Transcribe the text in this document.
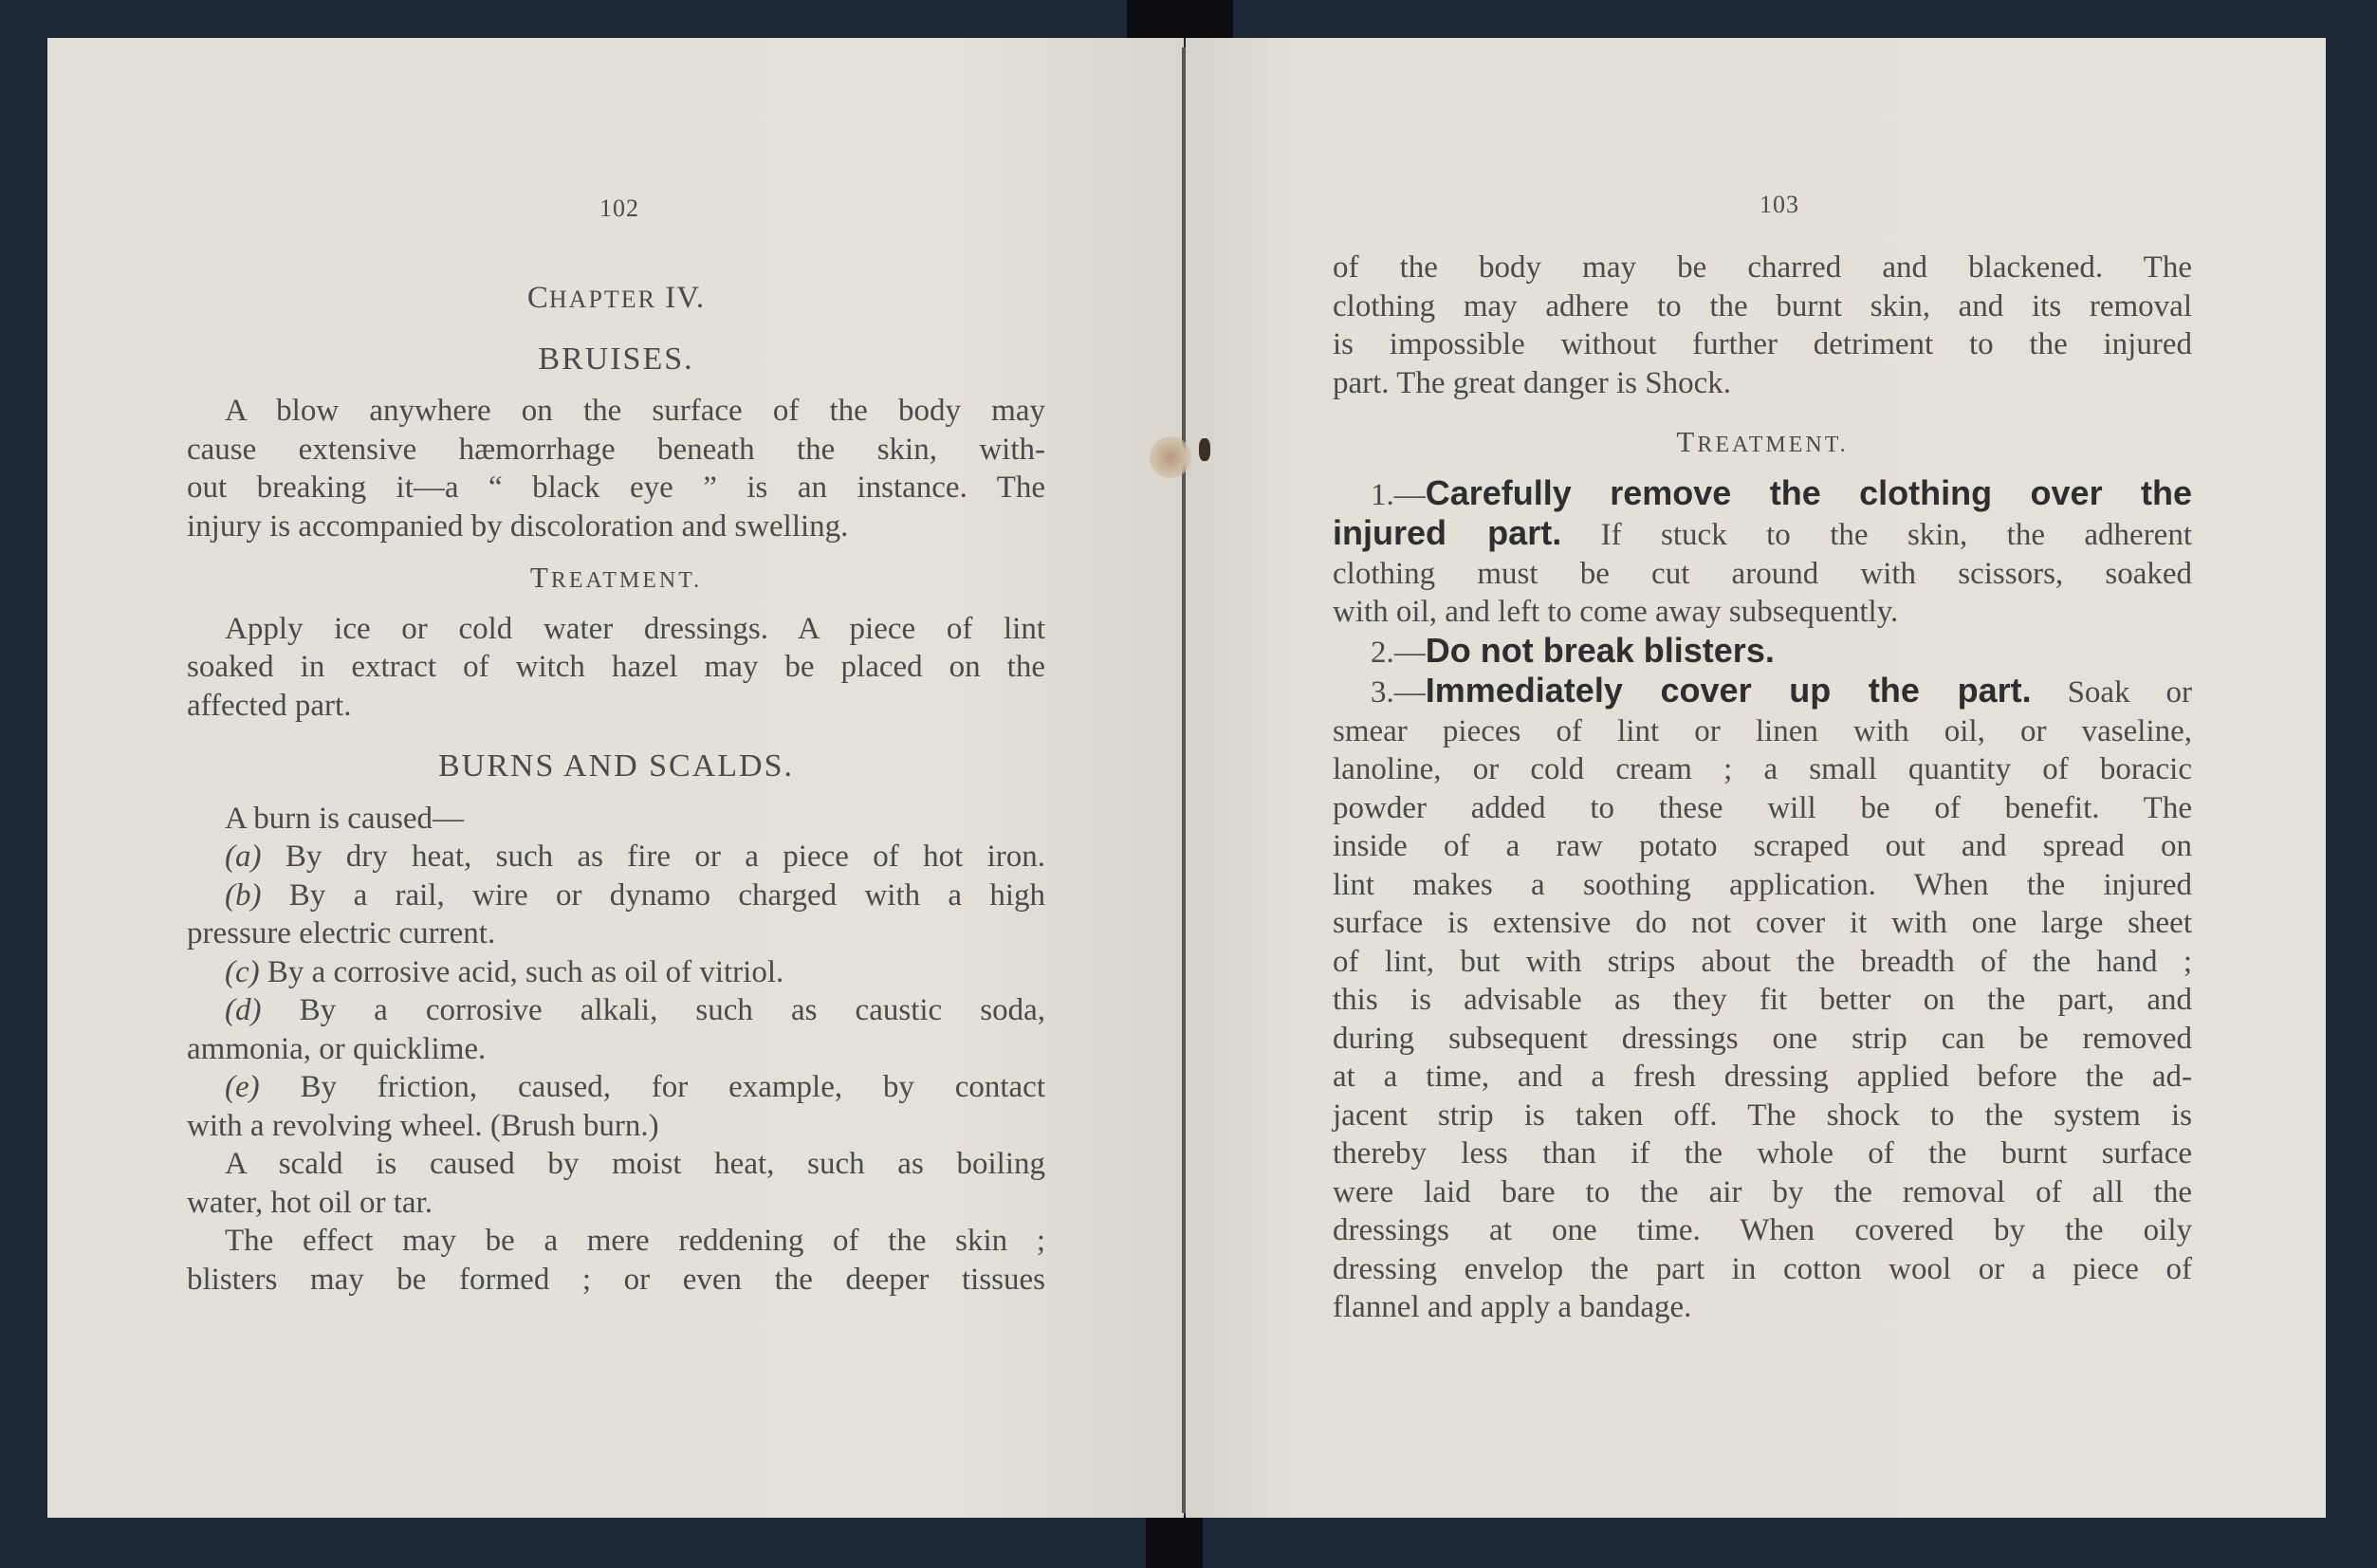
102

CHAPTER IV.

BRUISES.

A blow anywhere on the surface of the body may

cause extensive hæmorrhage beneath the skin, with-

out breaking it—a “ black eye ” is an instance. The

injury is accompanied by discoloration and swelling.

TREATMENT.

Apply ice or cold water dressings. A piece of lint

soaked in extract of witch hazel may be placed on the

affected part.

BURNS AND SCALDS.

A burn is caused—

(a) By dry heat, such as fire or a piece of hot iron.

(b) By a rail, wire or dynamo charged with a high

pressure electric current.

(c) By a corrosive acid, such as oil of vitriol.

(d) By a corrosive alkali, such as caustic soda,

ammonia, or quicklime.

(e) By friction, caused, for example, by contact

with a revolving wheel. (Brush burn.)

A scald is caused by moist heat, such as boiling

water, hot oil or tar.

The effect may be a mere reddening of the skin ;

blisters may be formed ; or even the deeper tissues

103

of the body may be charred and blackened. The

clothing may adhere to the burnt skin, and its removal

is impossible without further detriment to the injured

part. The great danger is Shock.

TREATMENT.

1.—Carefully remove the clothing over the

injured part. If stuck to the skin, the adherent

clothing must be cut around with scissors, soaked

with oil, and left to come away subsequently.

2.—Do not break blisters.

3.—Immediately cover up the part. Soak or

smear pieces of lint or linen with oil, or vaseline,

lanoline, or cold cream ; a small quantity of boracic

powder added to these will be of benefit. The

inside of a raw potato scraped out and spread on

lint makes a soothing application. When the injured

surface is extensive do not cover it with one large sheet

of lint, but with strips about the breadth of the hand ;

this is advisable as they fit better on the part, and

during subsequent dressings one strip can be removed

at a time, and a fresh dressing applied before the ad-

jacent strip is taken off. The shock to the system is

thereby less than if the whole of the burnt surface

were laid bare to the air by the removal of all the

dressings at one time. When covered by the oily

dressing envelop the part in cotton wool or a piece of

flannel and apply a bandage.
